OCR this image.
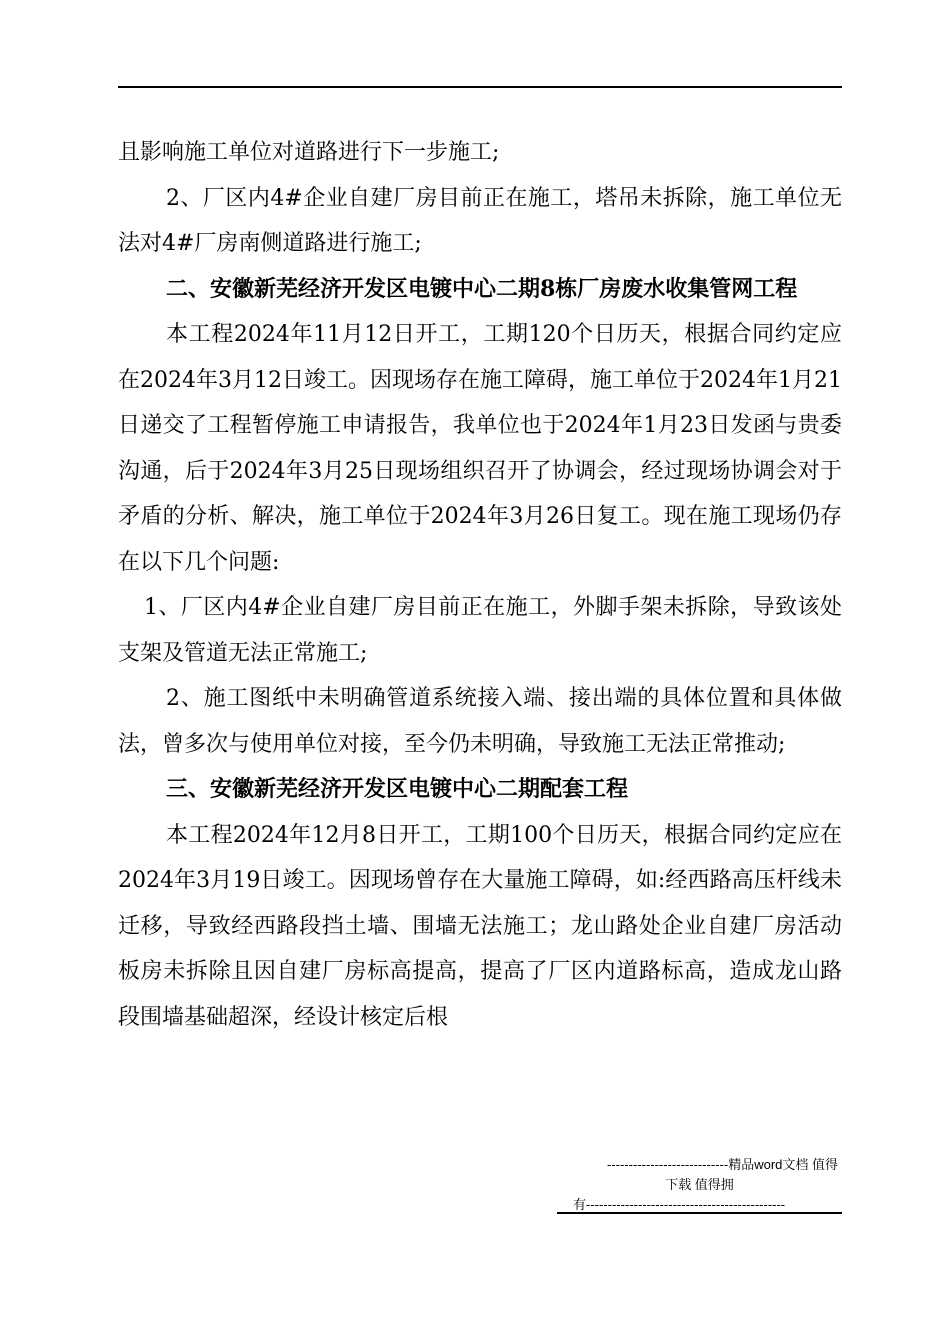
且影响施工单位对道路进行下一步施工;

2、厂区内4#企业自建厂房目前正在施工，塔吊未拆除，施工单位无法对4#厂房南侧道路进行施工;

二、安徽新芜经济开发区电镀中心二期8栋厂房废水收集管网工程

本工程2024年11月12日开工，工期120个日历天，根据合同约定应在2024年3月12日竣工。因现场存在施工障碍，施工单位于2024年1月21日递交了工程暂停施工申请报告，我单位也于2024年1月23日发函与贵委沟通，后于2024年3月25日现场组织召开了协调会，经过现场协调会对于矛盾的分析、解决，施工单位于2024年3月26日复工。现在施工现场仍存在以下几个问题:

1、厂区内4#企业自建厂房目前正在施工，外脚手架未拆除，导致该处支架及管道无法正常施工;

2、施工图纸中未明确管道系统接入端、接出端的具体位置和具体做法，曾多次与使用单位对接，至今仍未明确，导致施工无法正常推动;

三、安徽新芜经济开发区电镀中心二期配套工程

本工程2024年12月8日开工，工期100个日历天，根据合同约定应在2024年3月19日竣工。因现场曾存在大量施工障碍，如:经西路高压杆线未迁移，导致经西路段挡土墙、围墙无法施工；龙山路处企业自建厂房活动板房未拆除且因自建厂房标高提高，提高了厂区内道路标高，造成龙山路段围墙基础超深，经设计核定后根

----------------------------精品word文档 值得
下载 值得拥
有----------------------------------------------
